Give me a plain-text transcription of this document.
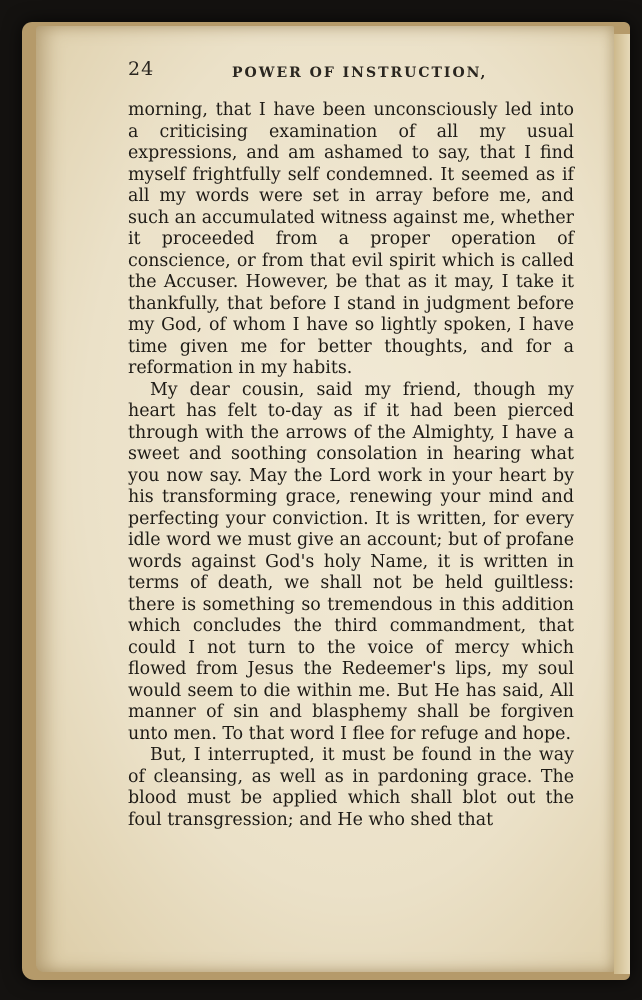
24	POWER OF INSTRUCTION,

morning, that I have been unconsciously led into a criticising examination of all my usual expressions, and am ashamed to say, that I find myself frightfully self condemned. It seemed as if all my words were set in array before me, and such an accumulated witness against me, whether it proceeded from a proper operation of conscience, or from that evil spirit which is called the Accuser. However, be that as it may, I take it thankfully, that before I stand in judgment before my God, of whom I have so lightly spoken, I have time given me for better thoughts, and for a reformation in my habits.

My dear cousin, said my friend, though my heart has felt to-day as if it had been pierced through with the arrows of the Almighty, I have a sweet and soothing consolation in hearing what you now say. May the Lord work in your heart by his transforming grace, renewing your mind and perfecting your conviction. It is written, for every idle word we must give an account; but of profane words against God's holy Name, it is written in terms of death, we shall not be held guiltless: there is something so tremendous in this addition which concludes the third commandment, that could I not turn to the voice of mercy which flowed from Jesus the Redeemer's lips, my soul would seem to die within me. But He has said, All manner of sin and blasphemy shall be forgiven unto men. To that word I flee for refuge and hope.

But, I interrupted, it must be found in the way of cleansing, as well as in pardoning grace. The blood must be applied which shall blot out the foul transgression; and He who shed that
